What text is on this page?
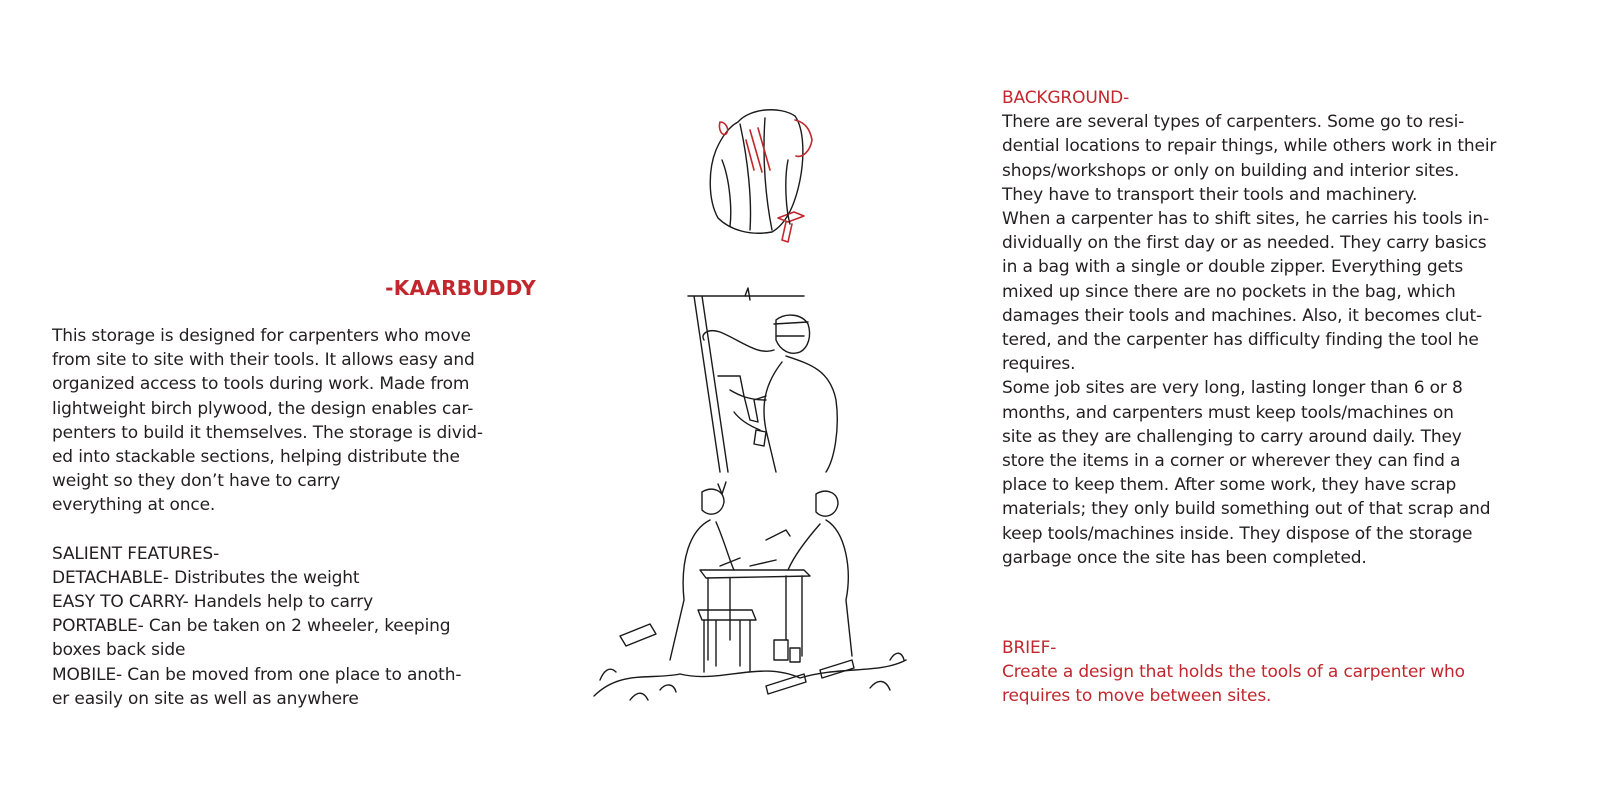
-KAARBUDDY

This storage is designed for carpenters who move
from site to site with their tools. It allows easy and
organized access to tools during work. Made from
lightweight birch plywood, the design enables car-
penters to build it themselves. The storage is divid-
ed into stackable sections, helping distribute the
weight so they don’t have to carry
everything at once.

SALIENT FEATURES-
DETACHABLE- Distributes the weight
EASY TO CARRY- Handels help to carry
PORTABLE- Can be taken on 2 wheeler, keeping
boxes back side
MOBILE- Can be moved from one place to anoth-
er easily on site as well as anywhere

BACKGROUND-
There are several types of carpenters. Some go to resi-
dential locations to repair things, while others work in their
shops/workshops or only on building and interior sites.
They have to transport their tools and machinery.
When a carpenter has to shift sites, he carries his tools in-
dividually on the first day or as needed. They carry basics
in a bag with a single or double zipper. Everything gets
mixed up since there are no pockets in the bag, which
damages their tools and machines. Also, it becomes clut-
tered, and the carpenter has difficulty finding the tool he
requires.
Some job sites are very long, lasting longer than 6 or 8
months, and carpenters must keep tools/machines on
site as they are challenging to carry around daily. They
store the items in a corner or wherever they can find a
place to keep them. After some work, they have scrap
materials; they only build something out of that scrap and
keep tools/machines inside. They dispose of the storage
garbage once the site has been completed.

BRIEF-
Create a design that holds the tools of a carpenter who
requires to move between sites.
